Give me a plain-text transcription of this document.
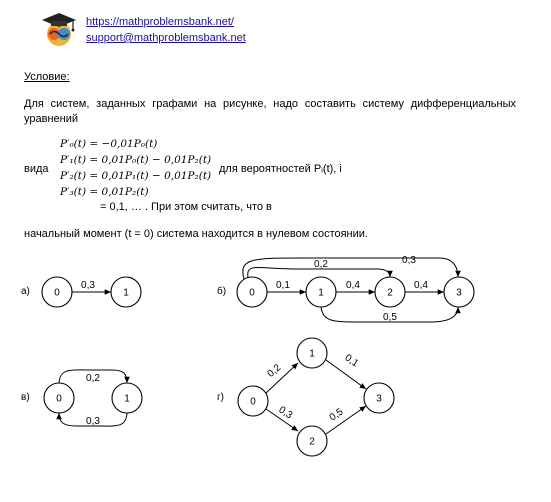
https://mathproblemsbank.net/
support@mathproblemsbank.net
Условие:
Для систем, заданных графами на рисунке, надо составить систему дифференциальных уравнений
вида
P′₀(t) = −0,01P₀(t)
P′₁(t) = 0,01P₀(t) − 0,01P₂(t)
P′₂(t) = 0,01P₁(t) − 0,01P₂(t)
P′₃(t) = 0,01P₂(t)
для вероятностей Pᵢ(t), i
= 0,1, … . При этом считать, что в
начальный момент (t = 0) система находится в нулевом состоянии.
а)
0,3
0	1	б)
0,1	0,4	0,4
0,2	0,3
0,5
0	1	2	3
в)
0,2
0,3
0	1	г)
0,2
0,1
0,3	0,5
0
1
2
3
